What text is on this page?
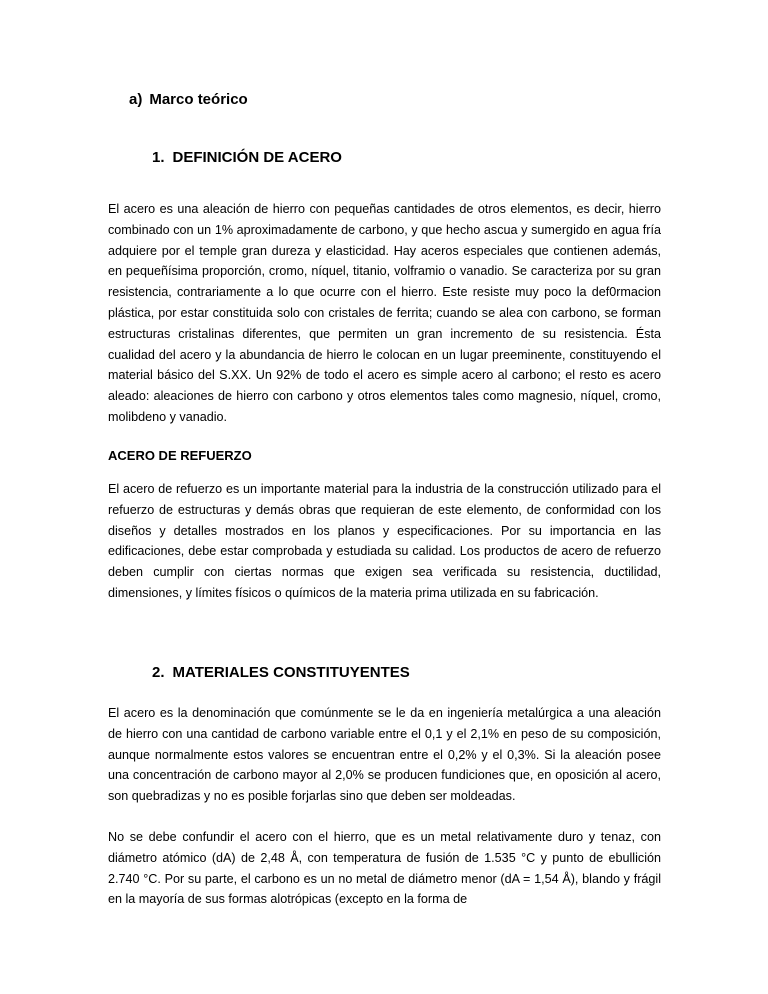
a) Marco teórico
1. DEFINICIÓN DE ACERO

El acero es una aleación de hierro con pequeñas cantidades de otros elementos, es decir, hierro combinado con un 1% aproximadamente de carbono, y que hecho ascua y sumergido en agua fría adquiere por el temple gran dureza y elasticidad. Hay aceros especiales que contienen además, en pequeñísima proporción, cromo, níquel, titanio, volframio o vanadio. Se caracteriza por su gran resistencia, contrariamente a lo que ocurre con el hierro. Este resiste muy poco la def0rmacion plástica, por estar constituida solo con cristales de ferrita; cuando se alea con carbono, se forman estructuras cristalinas diferentes, que permiten un gran incremento de su resistencia. Ésta cualidad del acero y la abundancia de hierro le colocan en un lugar preeminente, constituyendo el material básico del S.XX. Un 92% de todo el acero es simple acero al carbono; el resto es acero aleado: aleaciones de hierro con carbono y otros elementos tales como magnesio, níquel, cromo, molibdeno y vanadio.

ACERO DE REFUERZO

El acero de refuerzo es un importante material para la industria de la construcción utilizado para el refuerzo de estructuras y demás obras que requieran de este elemento, de conformidad con los diseños y detalles mostrados en los planos y especificaciones. Por su importancia en las edificaciones, debe estar comprobada y estudiada su calidad. Los productos de acero de refuerzo deben cumplir con ciertas normas que exigen sea verificada su resistencia, ductilidad, dimensiones, y límites físicos o químicos de la materia prima utilizada en su fabricación.

2. MATERIALES CONSTITUYENTES

El acero es la denominación que comúnmente se le da en ingeniería metalúrgica a una aleación de hierro con una cantidad de carbono variable entre el 0,1 y el 2,1% en peso de su composición, aunque normalmente estos valores se encuentran entre el 0,2% y el 0,3%. Si la aleación posee una concentración de carbono mayor al 2,0% se producen fundiciones que, en oposición al acero, son quebradizas y no es posible forjarlas sino que deben ser moldeadas.

No se debe confundir el acero con el hierro, que es un metal relativamente duro y tenaz, con diámetro atómico (dA) de 2,48 Å, con temperatura de fusión de 1.535 °C y punto de ebullición 2.740 °C. Por su parte, el carbono es un no metal de diámetro menor (dA = 1,54 Å), blando y frágil en la mayoría de sus formas alotrópicas (excepto en la forma de
